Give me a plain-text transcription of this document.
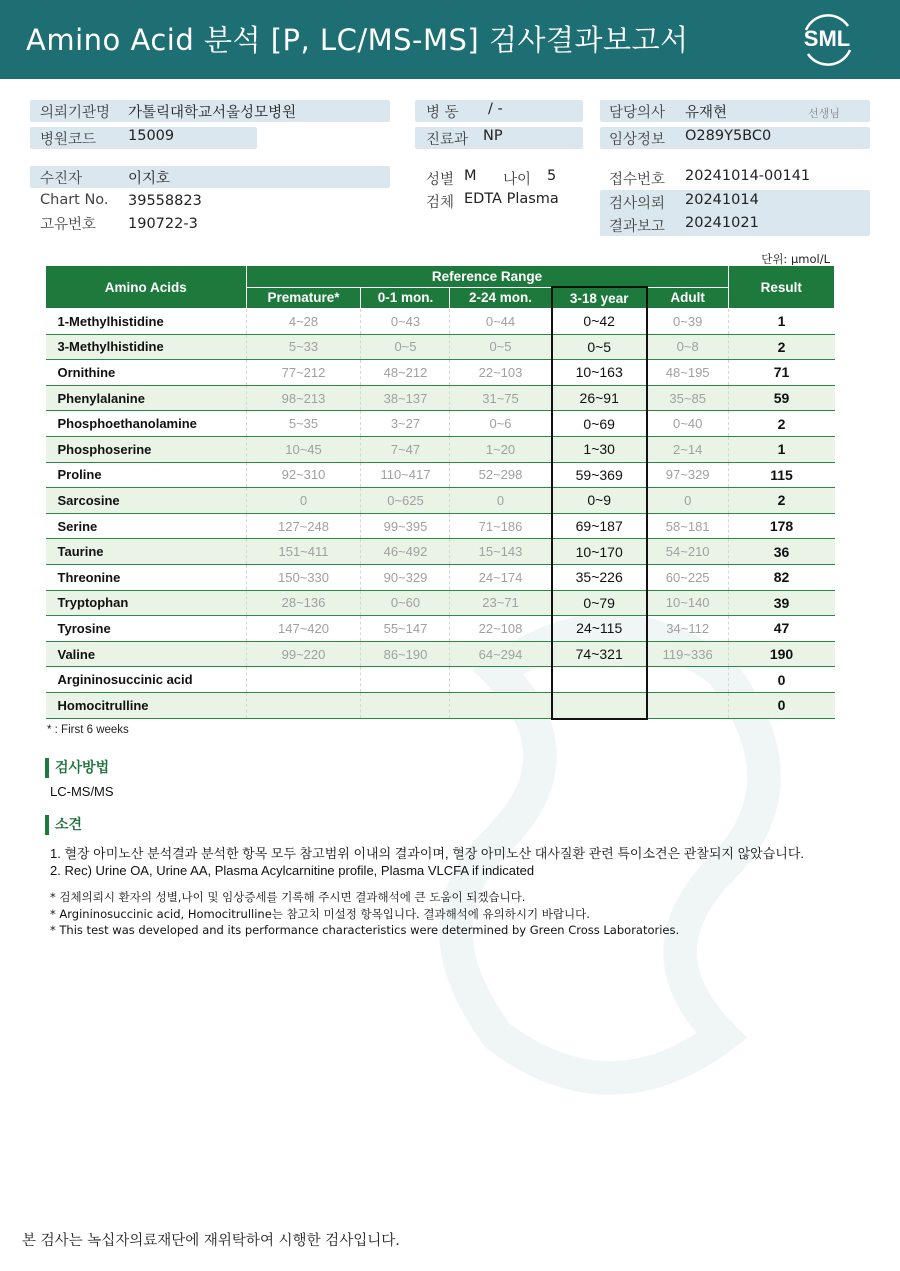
Amino Acid 분석 [P, LC/MS-MS] 검사결과보고서	SML
의뢰기관명 가톨릭대학교서울성모병원
병원코드 15009
병 동 / -
진료과 NP
담당의사 유재현	선생님
임상정보 O289Y5BC0
수진자	이지호
Chart No. 39558823
고유번호 190722-3
성별 M 나이 5
검체 EDTA Plasma
접수번호 20241014-00141
검사의뢰 20241014
결과보고 20241021
단위: μmol/L
Amino Acids	Reference Range					Result
	Premature*	0-1 mon.	2-24 mon.	3-18 year	Adult	
1-Methylhistidine	4~28	0~43	0~44	0~42	0~39	1
3-Methylhistidine	5~33	0~5	0~5	0~5	0~8	2
Ornithine	77~212	48~212	22~103	10~163	48~195	71
Phenylalanine	98~213	38~137	31~75	26~91	35~85	59
Phosphoethanolamine	5~35	3~27	0~6	0~69	0~40	2
Phosphoserine	10~45	7~47	1~20	1~30	2~14	1
Proline	92~310	110~417	52~298	59~369	97~329	115
Sarcosine	0	0~625	0	0~9	0	2
Serine	127~248	99~395	71~186	69~187	58~181	178
Taurine	151~411	46~492	15~143	10~170	54~210	36
Threonine	150~330	90~329	24~174	35~226	60~225	82
Tryptophan	28~136	0~60	23~71	0~79	10~140	39
Tyrosine	147~420	55~147	22~108	24~115	34~112	47
Valine	99~220	86~190	64~294	74~321	119~336	190
Argininosuccinic acid						0
Homocitrulline						0
* : First 6 weeks
검사방법
LC-MS/MS
소견
1. 혈장 아미노산 분석결과 분석한 항목 모두 참고범위 이내의 결과이며, 혈장 아미노산 대사질환 관련 특이소견은 관찰되지 않았습니다.
2. Rec) Urine OA, Urine AA, Plasma Acylcarnitine profile, Plasma VLCFA if indicated
* 검체의뢰시 환자의 성별,나이 및 임상증세를 기록해 주시면 결과해석에 큰 도움이 되겠습니다.
* Argininosuccinic acid, Homocitrulline는 참고치 미설정 항목입니다. 결과해석에 유의하시기 바랍니다.
* This test was developed and its performance characteristics were determined by Green Cross Laboratories.
본 검사는 녹십자의료재단에 재위탁하여 시행한 검사입니다.
